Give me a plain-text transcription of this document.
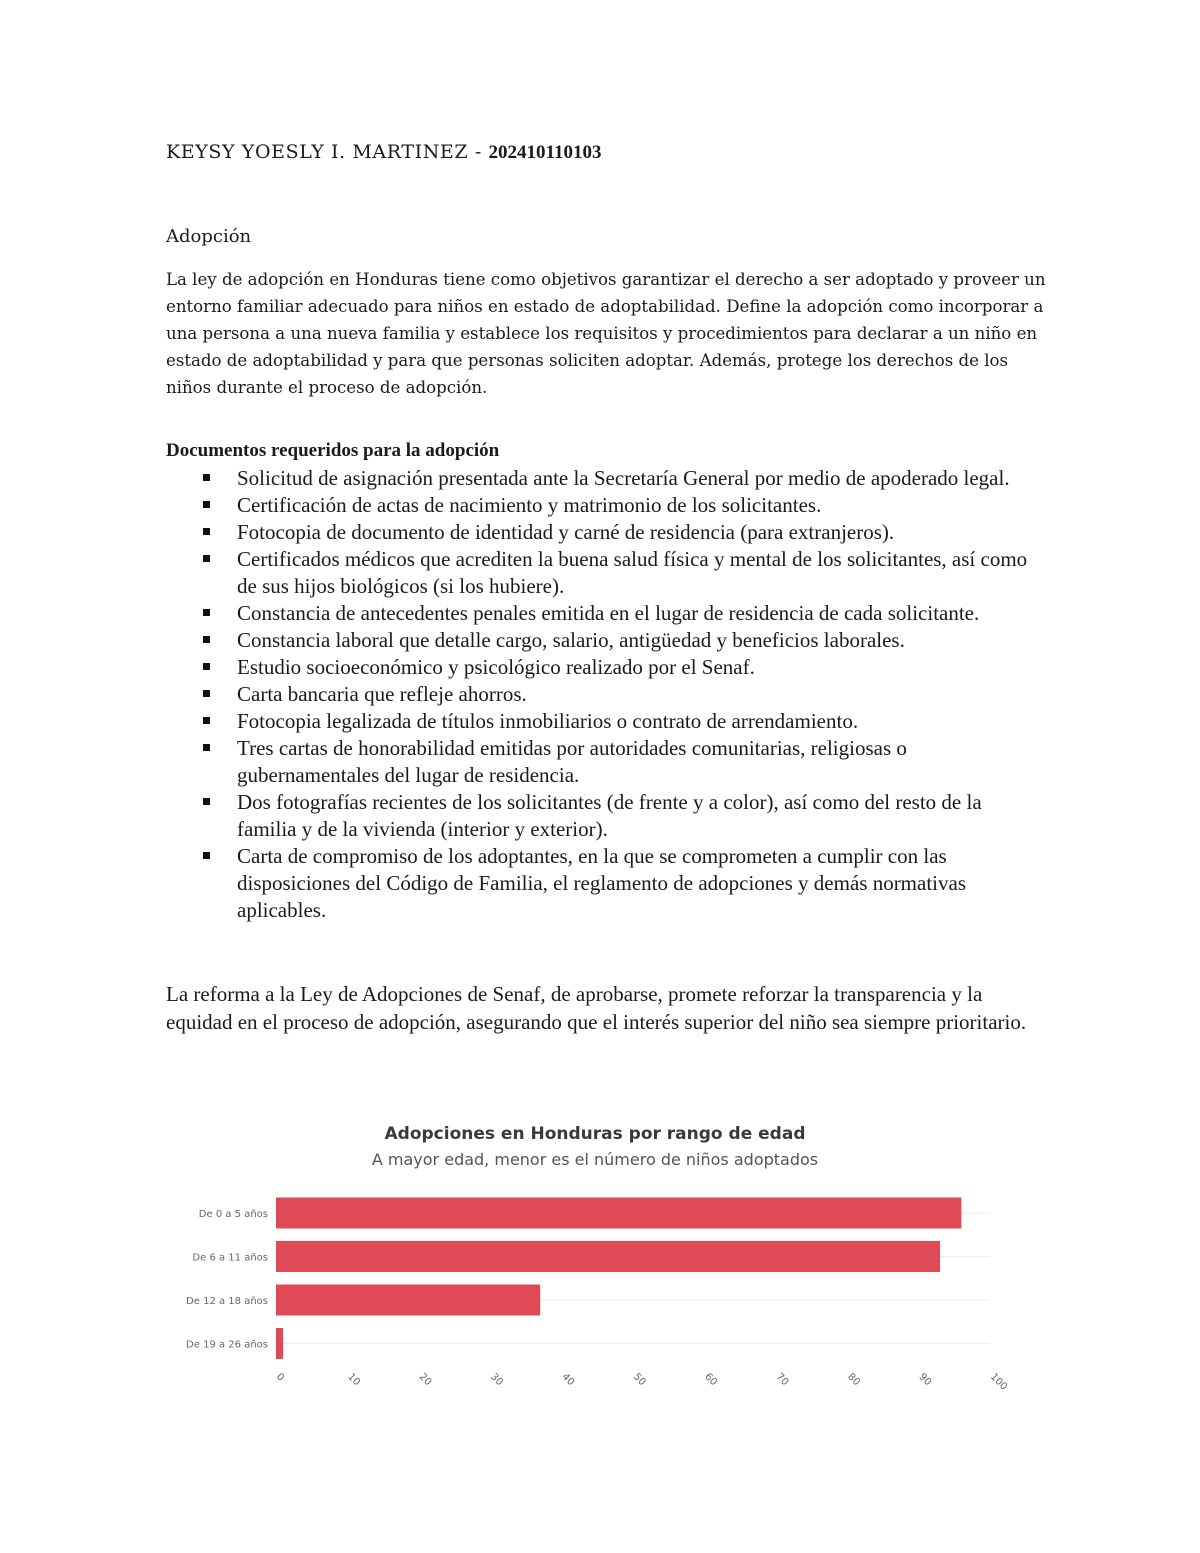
KEYSY YOESLY I. MARTINEZ - 202410110103
Adopción
La ley de adopción en Honduras tiene como objetivos garantizar el derecho a ser adoptado y proveer un entorno familiar adecuado para niños en estado de adoptabilidad. Define la adopción como incorporar a una persona a una nueva familia y establece los requisitos y procedimientos para declarar a un niño en estado de adoptabilidad y para que personas soliciten adoptar. Además, protege los derechos de los niños durante el proceso de adopción.
Documentos requeridos para la adopción
Solicitud de asignación presentada ante la Secretaría General por medio de apoderado legal.
Certificación de actas de nacimiento y matrimonio de los solicitantes.
Fotocopia de documento de identidad y carné de residencia (para extranjeros).
Certificados médicos que acrediten la buena salud física y mental de los solicitantes, así como de sus hijos biológicos (si los hubiere).
Constancia de antecedentes penales emitida en el lugar de residencia de cada solicitante.
Constancia laboral que detalle cargo, salario, antigüedad y beneficios laborales.
Estudio socioeconómico y psicológico realizado por el Senaf.
Carta bancaria que refleje ahorros.
Fotocopia legalizada de títulos inmobiliarios o contrato de arrendamiento.
Tres cartas de honorabilidad emitidas por autoridades comunitarias, religiosas o gubernamentales del lugar de residencia.
Dos fotografías recientes de los solicitantes (de frente y a color), así como del resto de la familia y de la vivienda (interior y exterior).
Carta de compromiso de los adoptantes, en la que se comprometen a cumplir con las disposiciones del Código de Familia, el reglamento de adopciones y demás normativas aplicables.
La reforma a la Ley de Adopciones de Senaf, de aprobarse, promete reforzar la transparencia y la equidad en el proceso de adopción, asegurando que el interés superior del niño sea siempre prioritario.
Adopciones en Honduras por rango de edad
A mayor edad, menor es el número de niños adoptados
De 0 a 5 años
De 6 a 11 años
De 12 a 18 años
De 19 a 26 años
0	10	20	30	40	50	60	70	80	90	100
